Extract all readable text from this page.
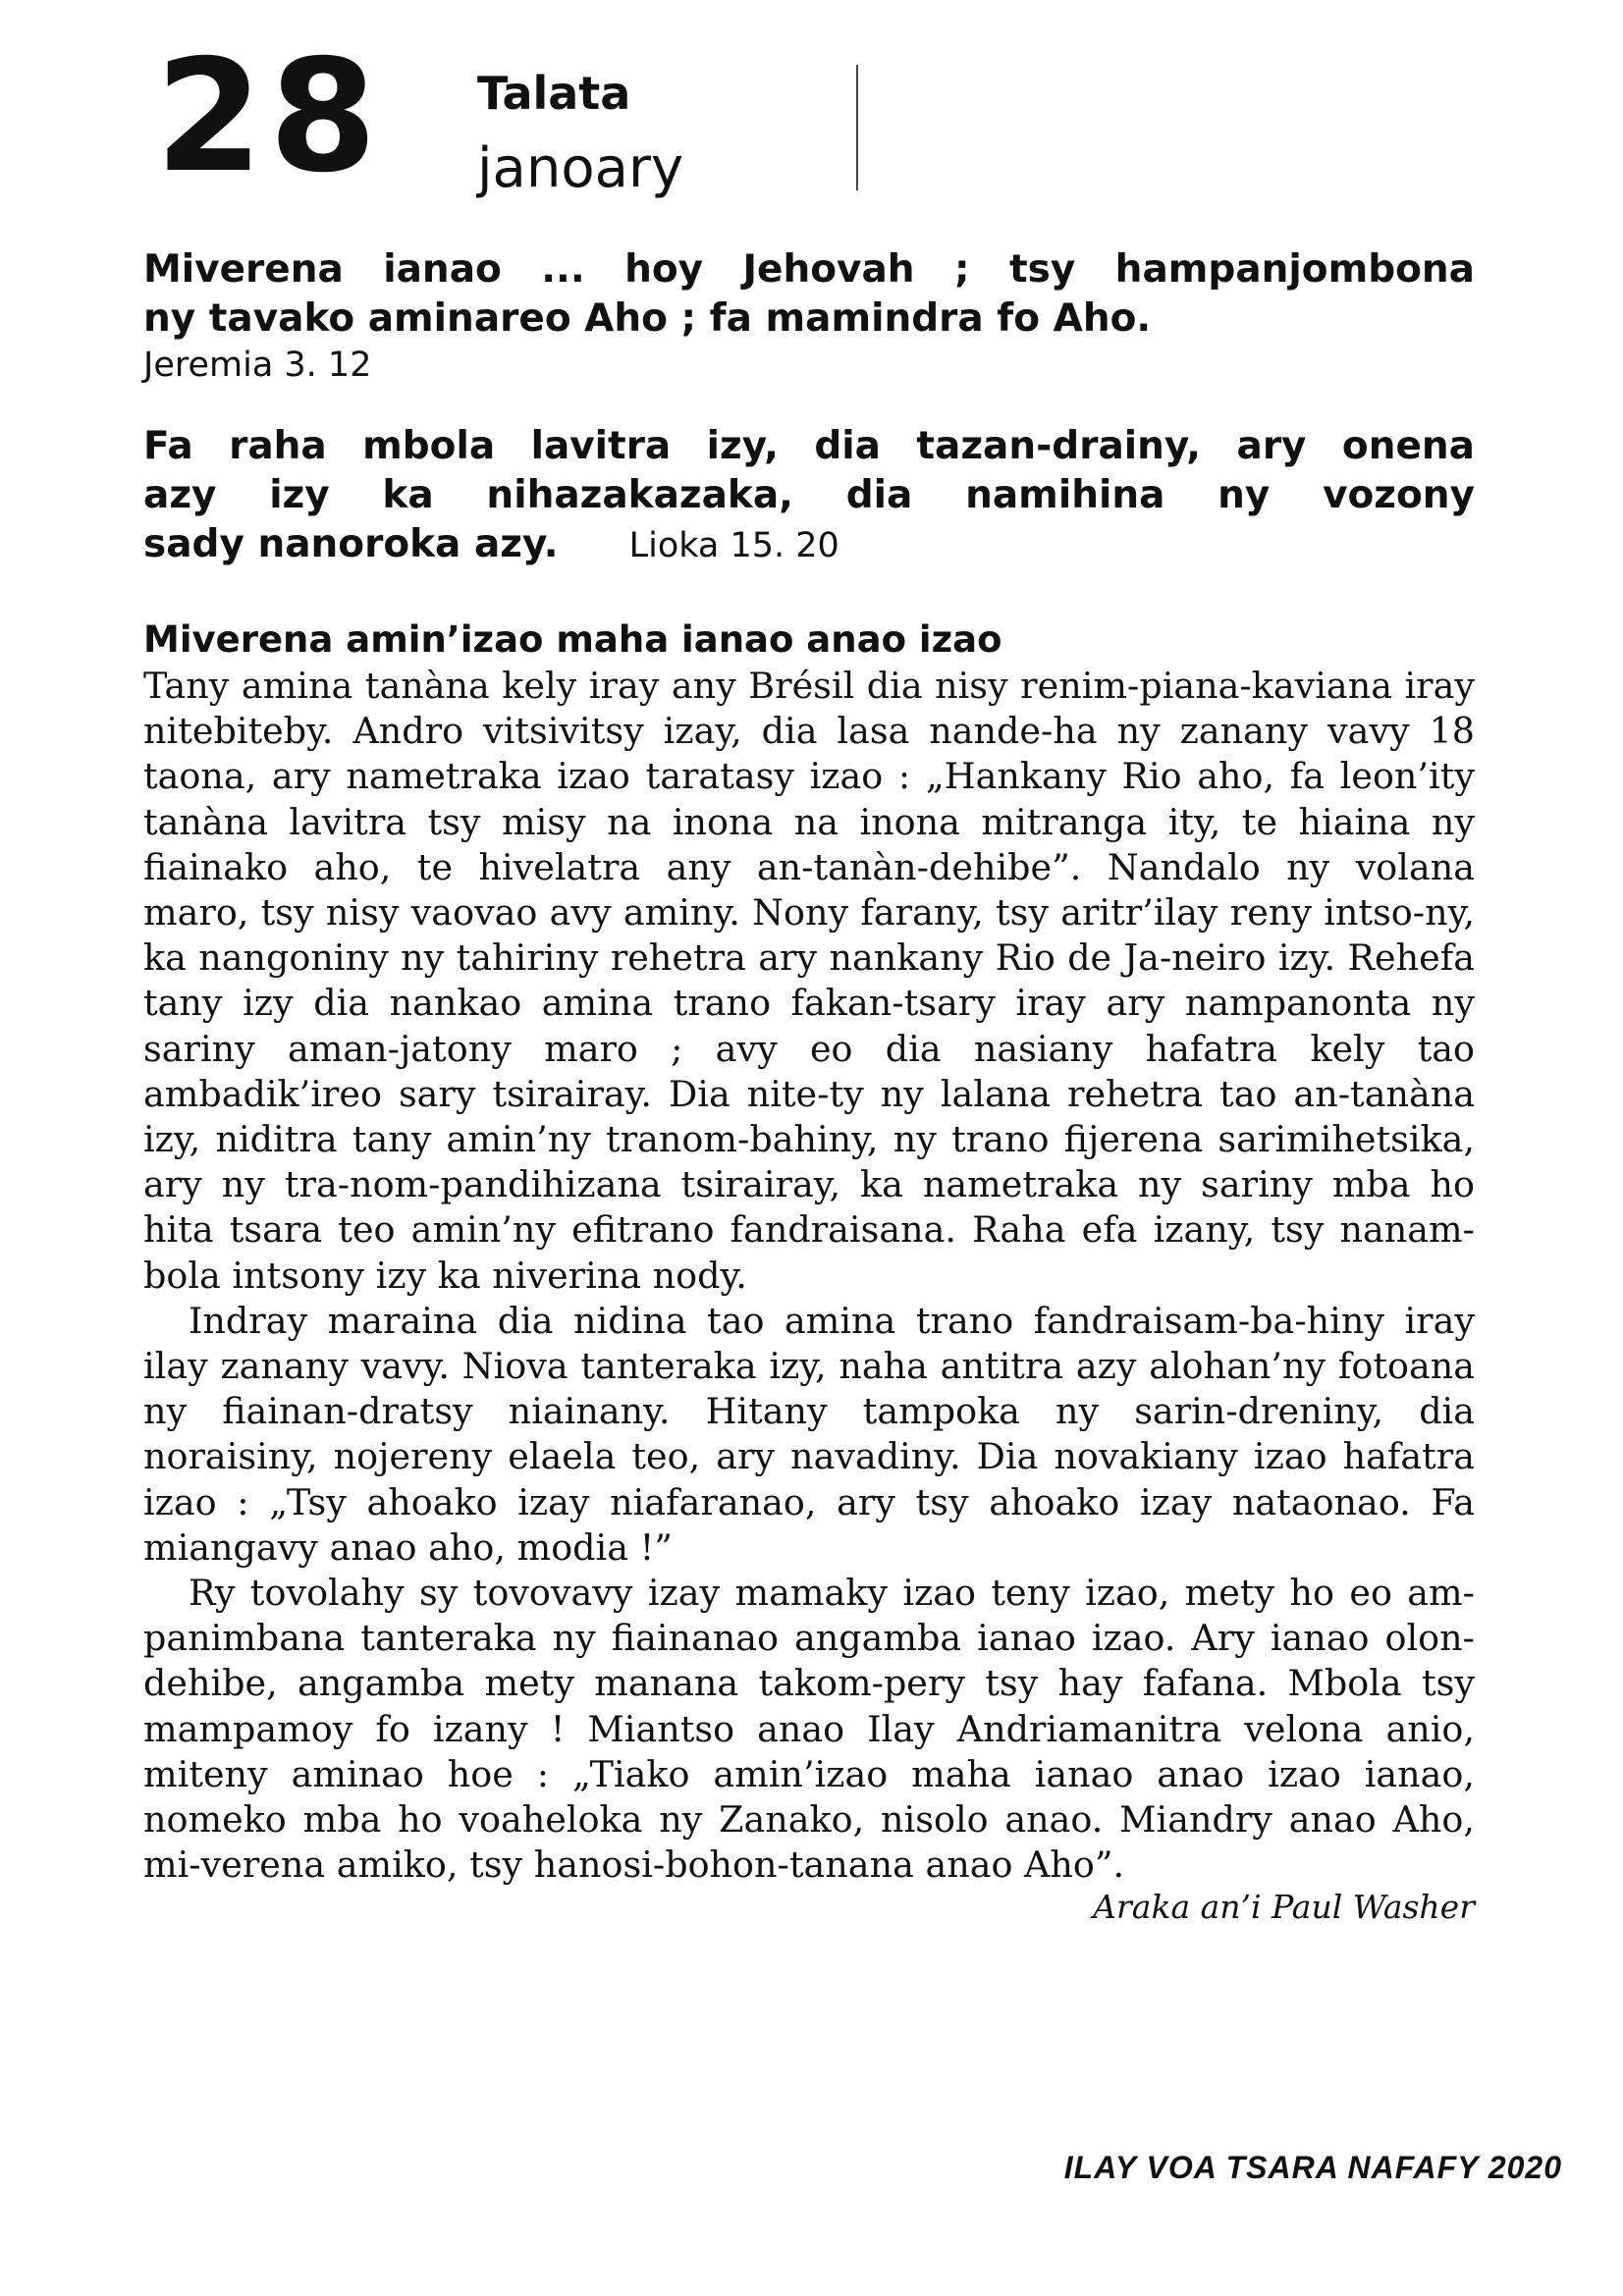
28 Talata
janoary

Miverena ianao ... hoy Jehovah ; tsy hampanjombona

ny tavako aminareo Aho ; fa mamindra fo Aho.

Jeremia 3. 12

Fa raha mbola lavitra izy, dia tazan-drainy, ary onena

azy izy ka nihazakazaka, dia namihina ny vozony

sady nanoroka azy. Lioka 15. 20

Miverena amin’izao maha ianao anao izao

Tany amina tanàna kely iray any Brésil dia nisy renim-piana-kaviana iray nitebiteby. Andro vitsivitsy izay, dia lasa nande-ha ny zanany vavy 18 taona, ary nametraka izao taratasy izao : „Hankany Rio aho, fa leon’ity tanàna lavitra tsy misy na inona na inona mitranga ity, te hiaina ny fiainako aho, te hivelatra any an-tanàn-dehibe”. Nandalo ny volana maro, tsy nisy vaovao avy aminy. Nony farany, tsy aritr’ilay reny intso-ny, ka nangoniny ny tahiriny rehetra ary nankany Rio de Ja-neiro izy. Rehefa tany izy dia nankao amina trano fakan-tsary iray ary nampanonta ny sariny aman-jatony maro ; avy eo dia nasiany hafatra kely tao ambadik’ireo sary tsirairay. Dia nite-ty ny lalana rehetra tao an-tanàna izy, niditra tany amin’ny tranom-bahiny, ny trano fijerena sarimihetsika, ary ny tra-nom-pandihizana tsirairay, ka nametraka ny sariny mba ho hita tsara teo amin’ny efitrano fandraisana. Raha efa izany, tsy nanam-bola intsony izy ka niverina nody.

Indray maraina dia nidina tao amina trano fandraisam-ba-hiny iray ilay zanany vavy. Niova tanteraka izy, naha antitra azy alohan’ny fotoana ny fiainan-dratsy niainany. Hitany tampoka ny sarin-dreniny, dia noraisiny, nojereny elaela teo, ary navadiny. Dia novakiany izao hafatra izao : „Tsy ahoako izay niafaranao, ary tsy ahoako izay nataonao. Fa miangavy anao aho, modia !”

Ry tovolahy sy tovovavy izay mamaky izao teny izao, mety ho eo am-panimbana tanteraka ny fiainanao angamba ianao izao. Ary ianao olon-dehibe, angamba mety manana takom-pery tsy hay fafana. Mbola tsy mampamoy fo izany ! Miantso anao Ilay Andriamanitra velona anio, miteny aminao hoe : „Tiako amin’izao maha ianao anao izao ianao, nomeko mba ho voaheloka ny Zanako, nisolo anao. Miandry anao Aho, mi-verena amiko, tsy hanosi-bohon-tanana anao Aho”.

Araka an’i Paul Washer

ILAY VOA TSARA NAFAFY 2020
